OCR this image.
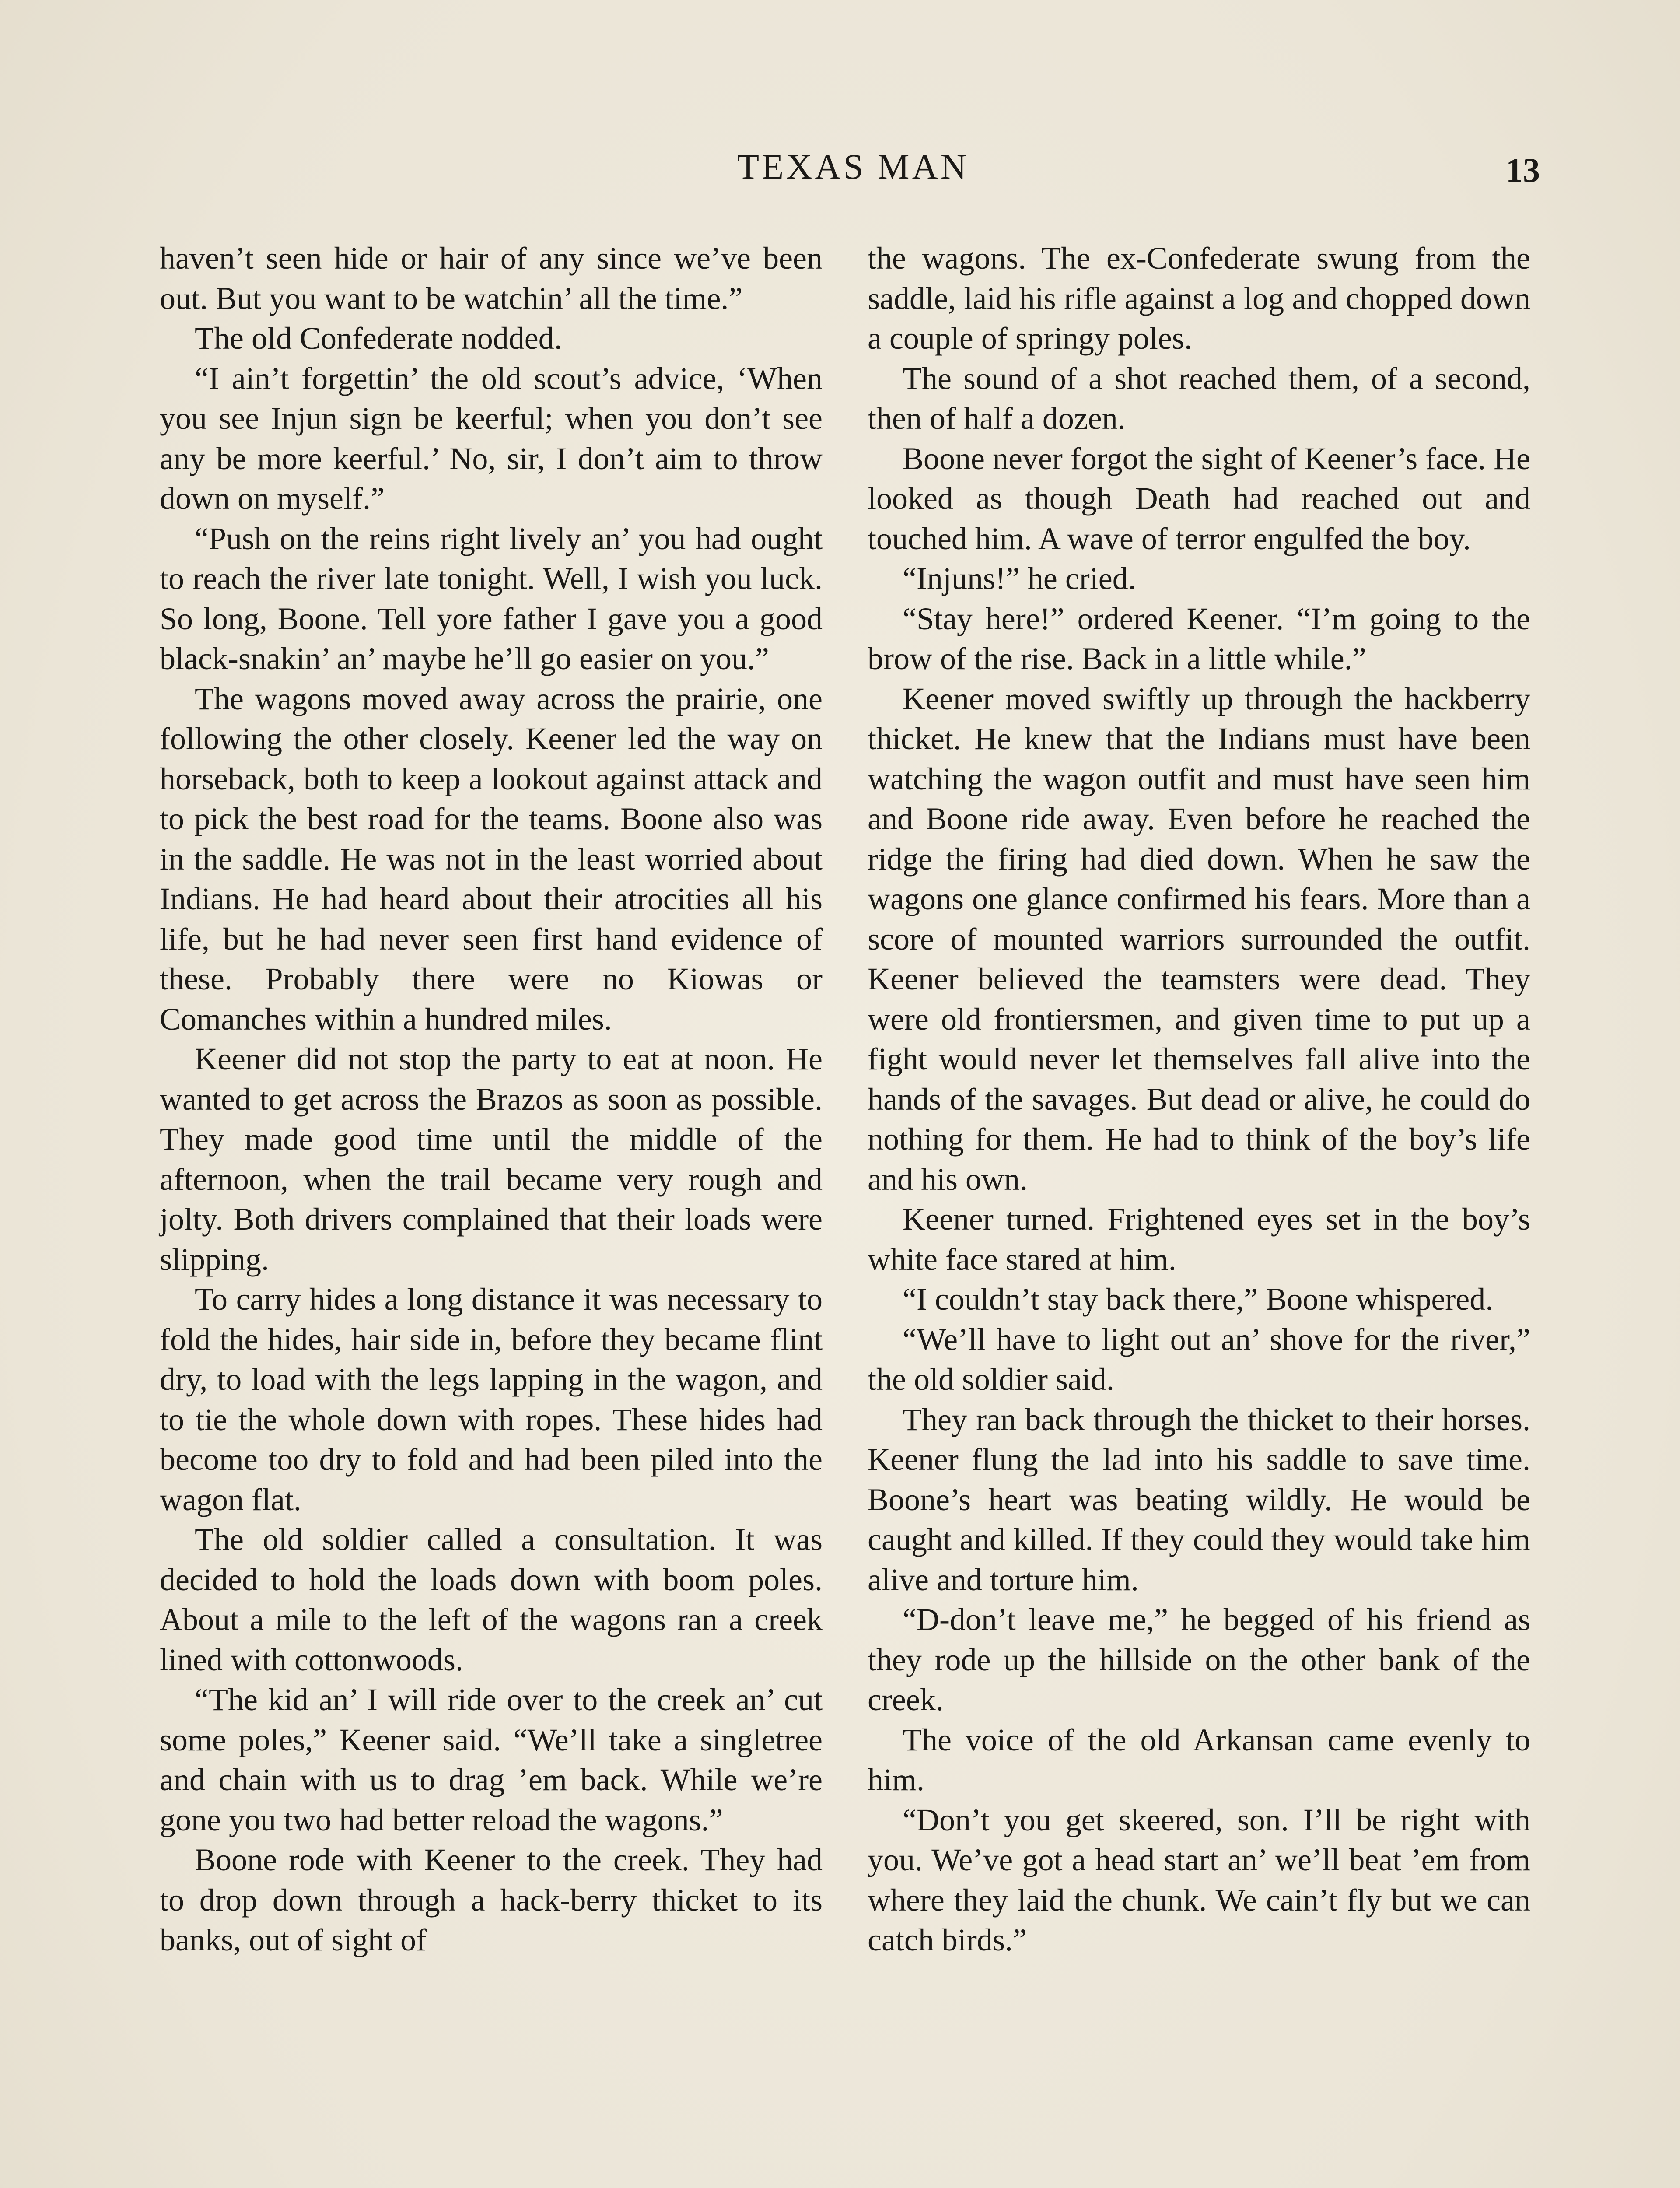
TEXAS MAN	13

haven’t seen hide or hair of any since we’ve been out. But you want to be watchin’ all the time.”

The old Confederate nodded.

“I ain’t forgettin’ the old scout’s advice, ‘When you see Injun sign be keerful; when you don’t see any be more keerful.’ No, sir, I don’t aim to throw down on myself.”

“Push on the reins right lively an’ you had ought to reach the river late tonight. Well, I wish you luck. So long, Boone. Tell yore father I gave you a good black-snakin’ an’ maybe he’ll go easier on you.”

The wagons moved away across the prairie, one following the other closely. Keener led the way on horseback, both to keep a lookout against attack and to pick the best road for the teams. Boone also was in the saddle. He was not in the least worried about Indians. He had heard about their atrocities all his life, but he had never seen first hand evidence of these. Probably there were no Kiowas or Comanches within a hundred miles.

Keener did not stop the party to eat at noon. He wanted to get across the Brazos as soon as possible. They made good time until the middle of the afternoon, when the trail became very rough and jolty. Both drivers complained that their loads were slipping.

To carry hides a long distance it was necessary to fold the hides, hair side in, before they became flint dry, to load with the legs lapping in the wagon, and to tie the whole down with ropes. These hides had become too dry to fold and had been piled into the wagon flat.

The old soldier called a consultation. It was decided to hold the loads down with boom poles. About a mile to the left of the wagons ran a creek lined with cottonwoods.

“The kid an’ I will ride over to the creek an’ cut some poles,” Keener said. “We’ll take a singletree and chain with us to drag ’em back. While we’re gone you two had better reload the wagons.”

Boone rode with Keener to the creek. They had to drop down through a hack-berry thicket to its banks, out of sight of

the wagons. The ex-Confederate swung from the saddle, laid his rifle against a log and chopped down a couple of springy poles.

The sound of a shot reached them, of a second, then of half a dozen.

Boone never forgot the sight of Keener’s face. He looked as though Death had reached out and touched him. A wave of terror engulfed the boy.

“Injuns!” he cried.

“Stay here!” ordered Keener. “I’m going to the brow of the rise. Back in a little while.”

Keener moved swiftly up through the hackberry thicket. He knew that the Indians must have been watching the wagon outfit and must have seen him and Boone ride away. Even before he reached the ridge the firing had died down. When he saw the wagons one glance confirmed his fears. More than a score of mounted warriors surrounded the outfit. Keener believed the teamsters were dead. They were old frontiersmen, and given time to put up a fight would never let themselves fall alive into the hands of the savages. But dead or alive, he could do nothing for them. He had to think of the boy’s life and his own.

Keener turned. Frightened eyes set in the boy’s white face stared at him.

“I couldn’t stay back there,” Boone whispered.

“We’ll have to light out an’ shove for the river,” the old soldier said.

They ran back through the thicket to their horses. Keener flung the lad into his saddle to save time. Boone’s heart was beating wildly. He would be caught and killed. If they could they would take him alive and torture him.

“D-don’t leave me,” he begged of his friend as they rode up the hillside on the other bank of the creek.

The voice of the old Arkansan came evenly to him.

“Don’t you get skeered, son. I’ll be right with you. We’ve got a head start an’ we’ll beat ’em from where they laid the chunk. We cain’t fly but we can catch birds.”
